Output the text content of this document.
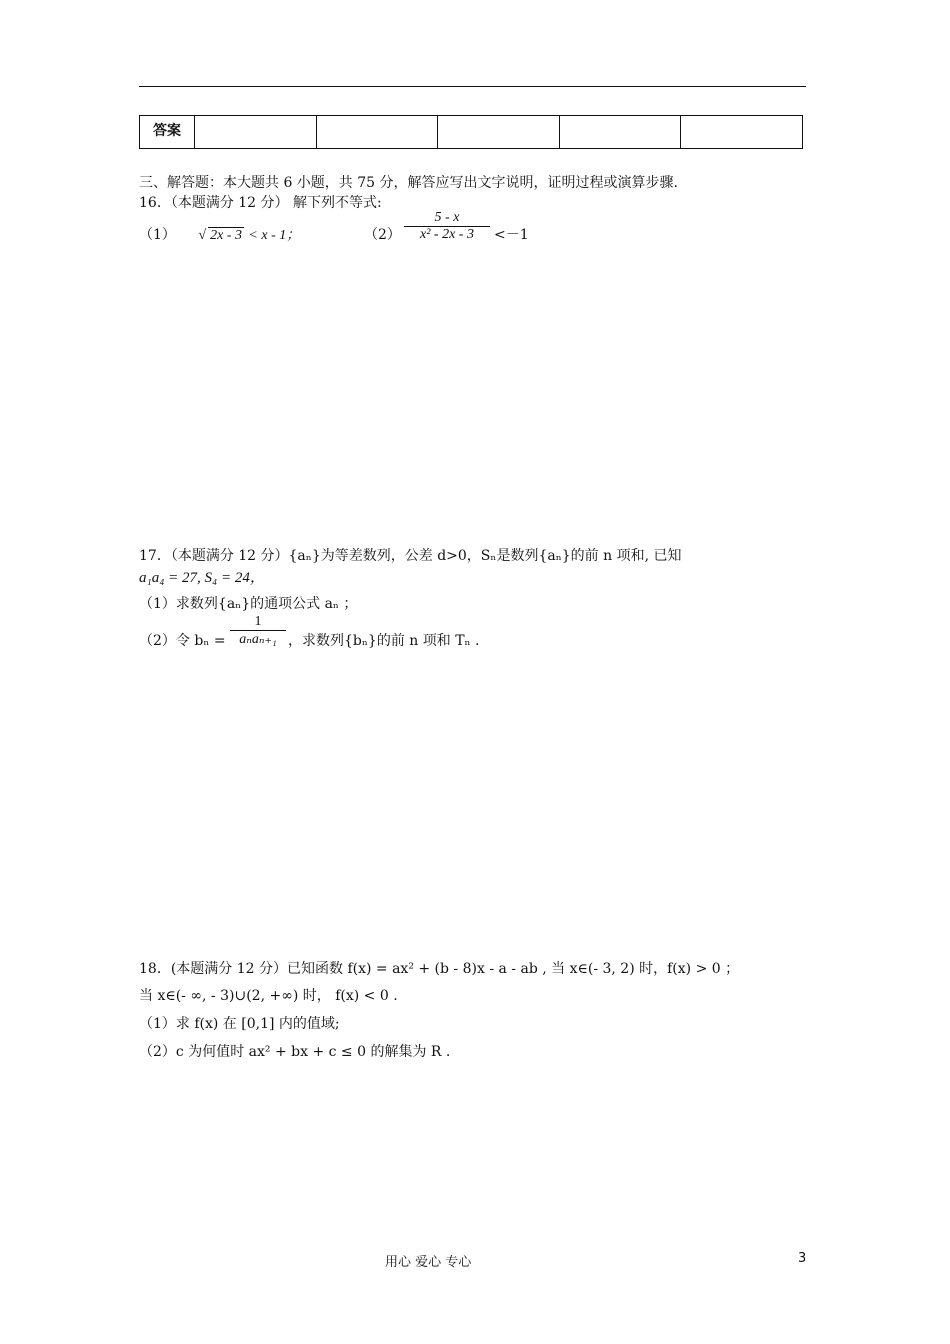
答案					
三、解答题：本大题共 6 小题，共 75 分，解答应写出文字说明，证明过程或演算步骤.
16．（本题满分 12 分） 解下列不等式:
（1） √ 2x - 3 < x - 1；	（2）
5 - x
x² - 2x - 3	<－1
17．（本题满分 12 分）{aₙ}为等差数列，公差 d>0，Sₙ是数列{aₙ}的前 n 项和, 已知
a₁a₄ = 27, S₄ = 24，
（1）求数列{aₙ}的通项公式 aₙ ；
（2）令 bₙ =
1
aₙaₙ₊₁ ，求数列{bₙ}的前 n 项和 Tₙ .
18．(本题满分 12 分）已知函数 f(x) = ax² + (b - 8)x - a - ab , 当 x∈(- 3, 2) 时，f(x) > 0 ；
当 x∈(- ∞, - 3)∪(2, +∞) 时， f(x) < 0 .
（1）求 f(x) 在 [0,1] 内的值域;
（2）c 为何值时 ax² + bx + c ≤ 0 的解集为 R .
用心 爱心 专心	3
